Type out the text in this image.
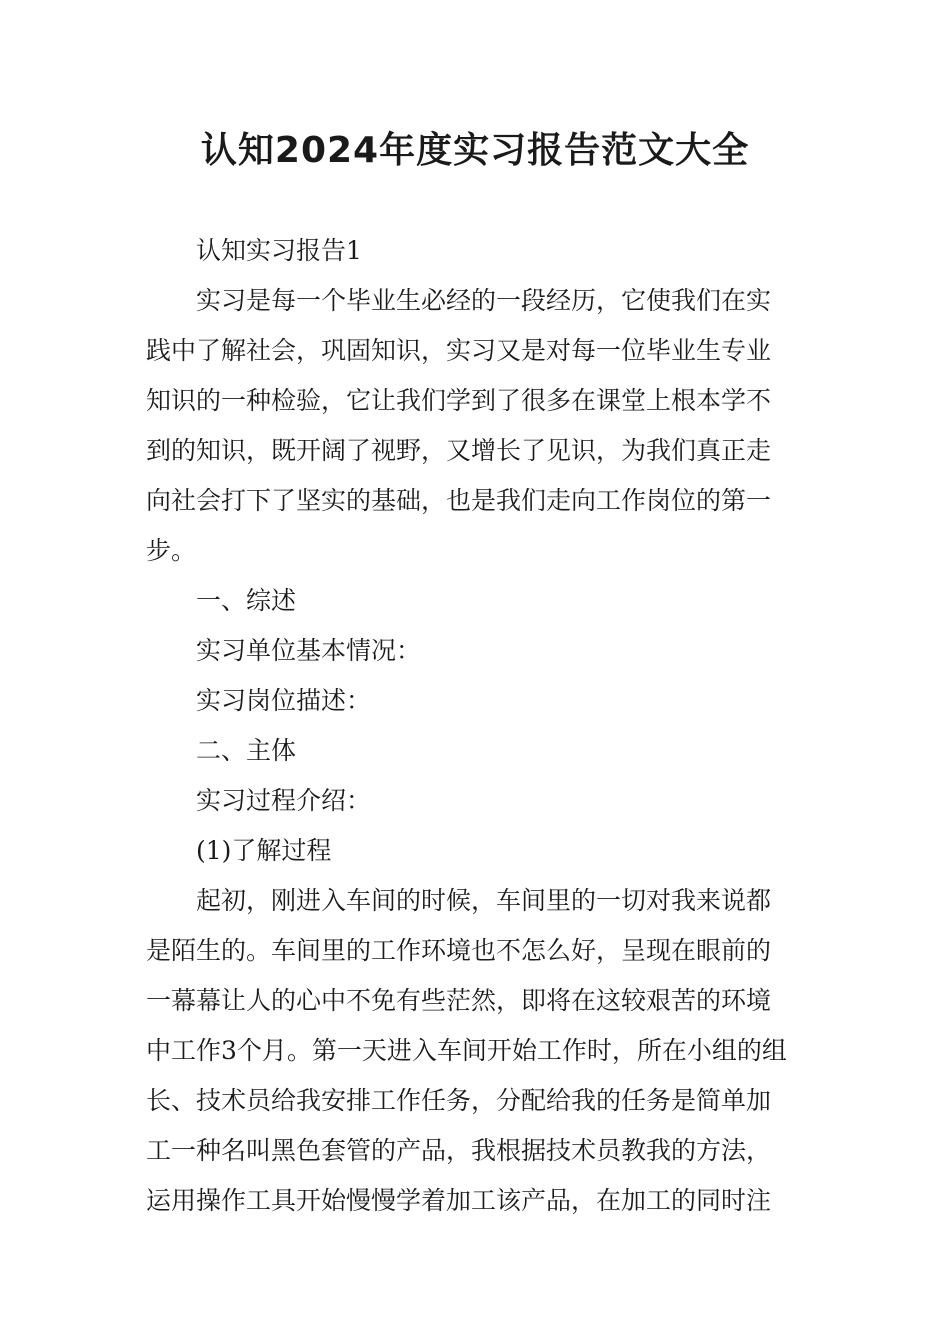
认知2024年度实习报告范文大全

认知实习报告1

实习是每一个毕业生必经的一段经历，它使我们在实
践中了解社会，巩固知识，实习又是对每一位毕业生专业
知识的一种检验，它让我们学到了很多在课堂上根本学不
到的知识，既开阔了视野，又增长了见识，为我们真正走
向社会打下了坚实的基础，也是我们走向工作岗位的第一
步。

一、综述

实习单位基本情况：

实习岗位描述：

二、主体

实习过程介绍：

(1)了解过程

起初，刚进入车间的时候，车间里的一切对我来说都
是陌生的。车间里的工作环境也不怎么好，呈现在眼前的
一幕幕让人的心中不免有些茫然，即将在这较艰苦的环境
中工作3个月。第一天进入车间开始工作时，所在小组的组
长、技术员给我安排工作任务，分配给我的任务是简单加
工一种名叫黑色套管的产品，我根据技术员教我的方法，
运用操作工具开始慢慢学着加工该产品，在加工的同时注
